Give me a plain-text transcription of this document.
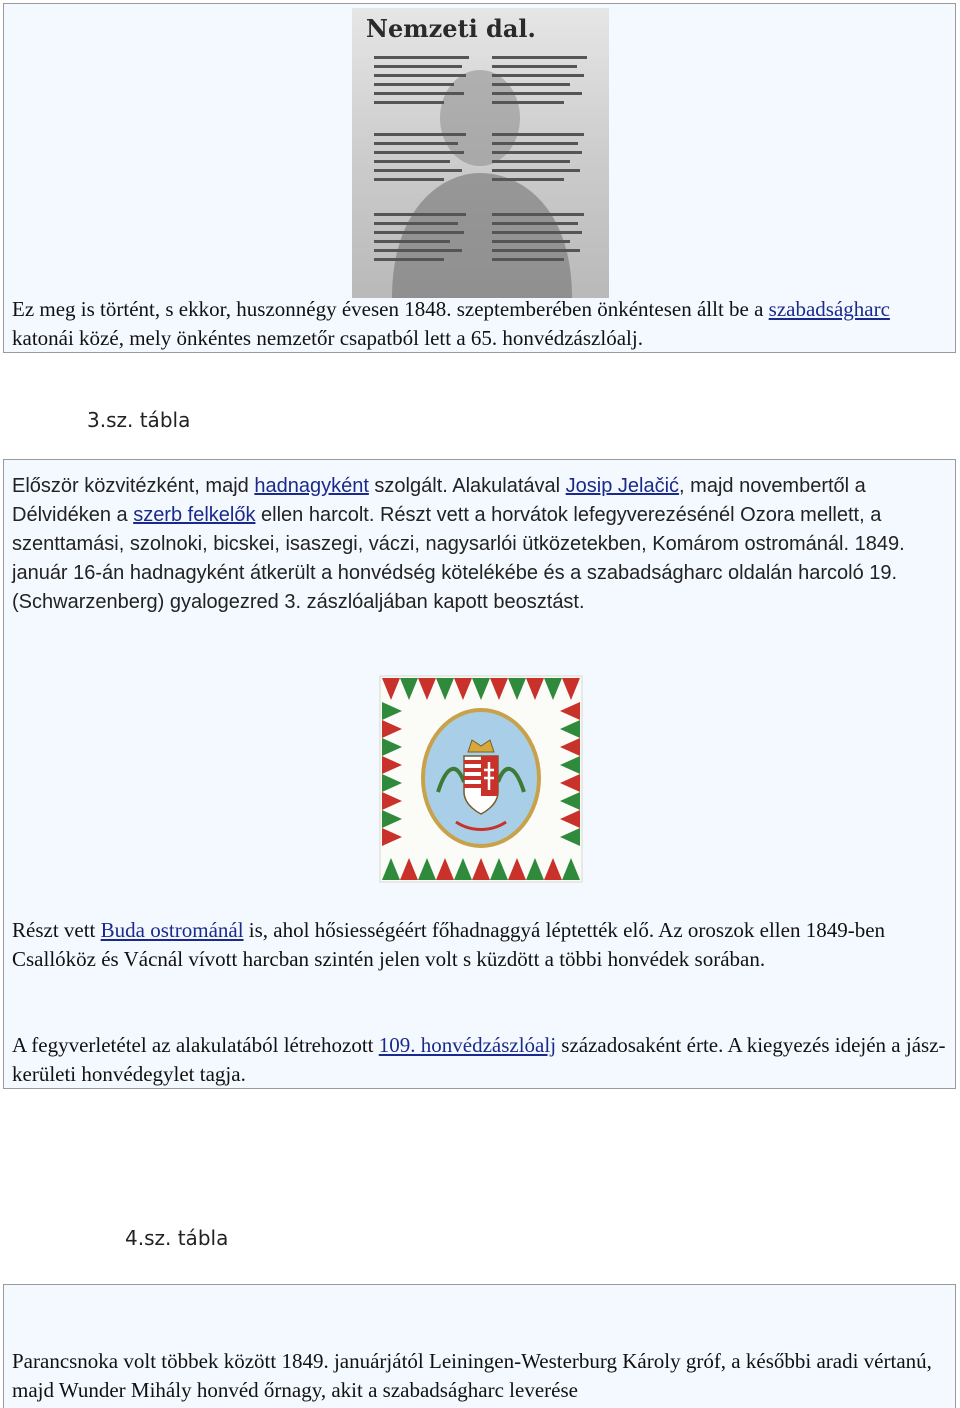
Nemzeti dal.

Ez meg is történt, s ekkor, huszonnégy évesen 1848. szeptemberében önkéntesen állt be a szabadságharc katonái közé, mely önkéntes nemzetőr csapatból lett a 65. honvédzászlóalj.

3.sz. tábla

Először közvitézként, majd hadnagyként szolgált. Alakulatával Josip Jelačić, majd novembertől a Délvidéken a szerb felkelők ellen harcolt. Részt vett a horvátok lefegyverezésénél Ozora mellett, a szenttamási, szolnoki, bicskei, isaszegi, váczi, nagysarlói ütközetekben, Komárom ostrománál. 1849. január 16-án hadnagyként átkerült a honvédség kötelékébe és a szabadságharc oldalán harcoló 19. (Schwarzenberg) gyalogezred 3. zászlóaljában kapott beosztást.

Részt vett Buda ostrománál is, ahol hősiességéért főhadnaggyá léptették elő. Az oroszok ellen 1849-ben Csallóköz és Vácnál vívott harcban szintén jelen volt s küzdött a többi honvédek sorában.

A fegyverletétel az alakulatából létrehozott 109. honvédzászlóalj századosaként érte. A kiegyezés idején a jász-kerületi honvédegylet tagja.

4.sz. tábla

Parancsnoka volt többek között 1849. januárjától Leiningen-Westerburg Károly gróf, a későbbi aradi vértanú, majd Wunder Mihály honvéd őrnagy, akit a szabadságharc leverése
